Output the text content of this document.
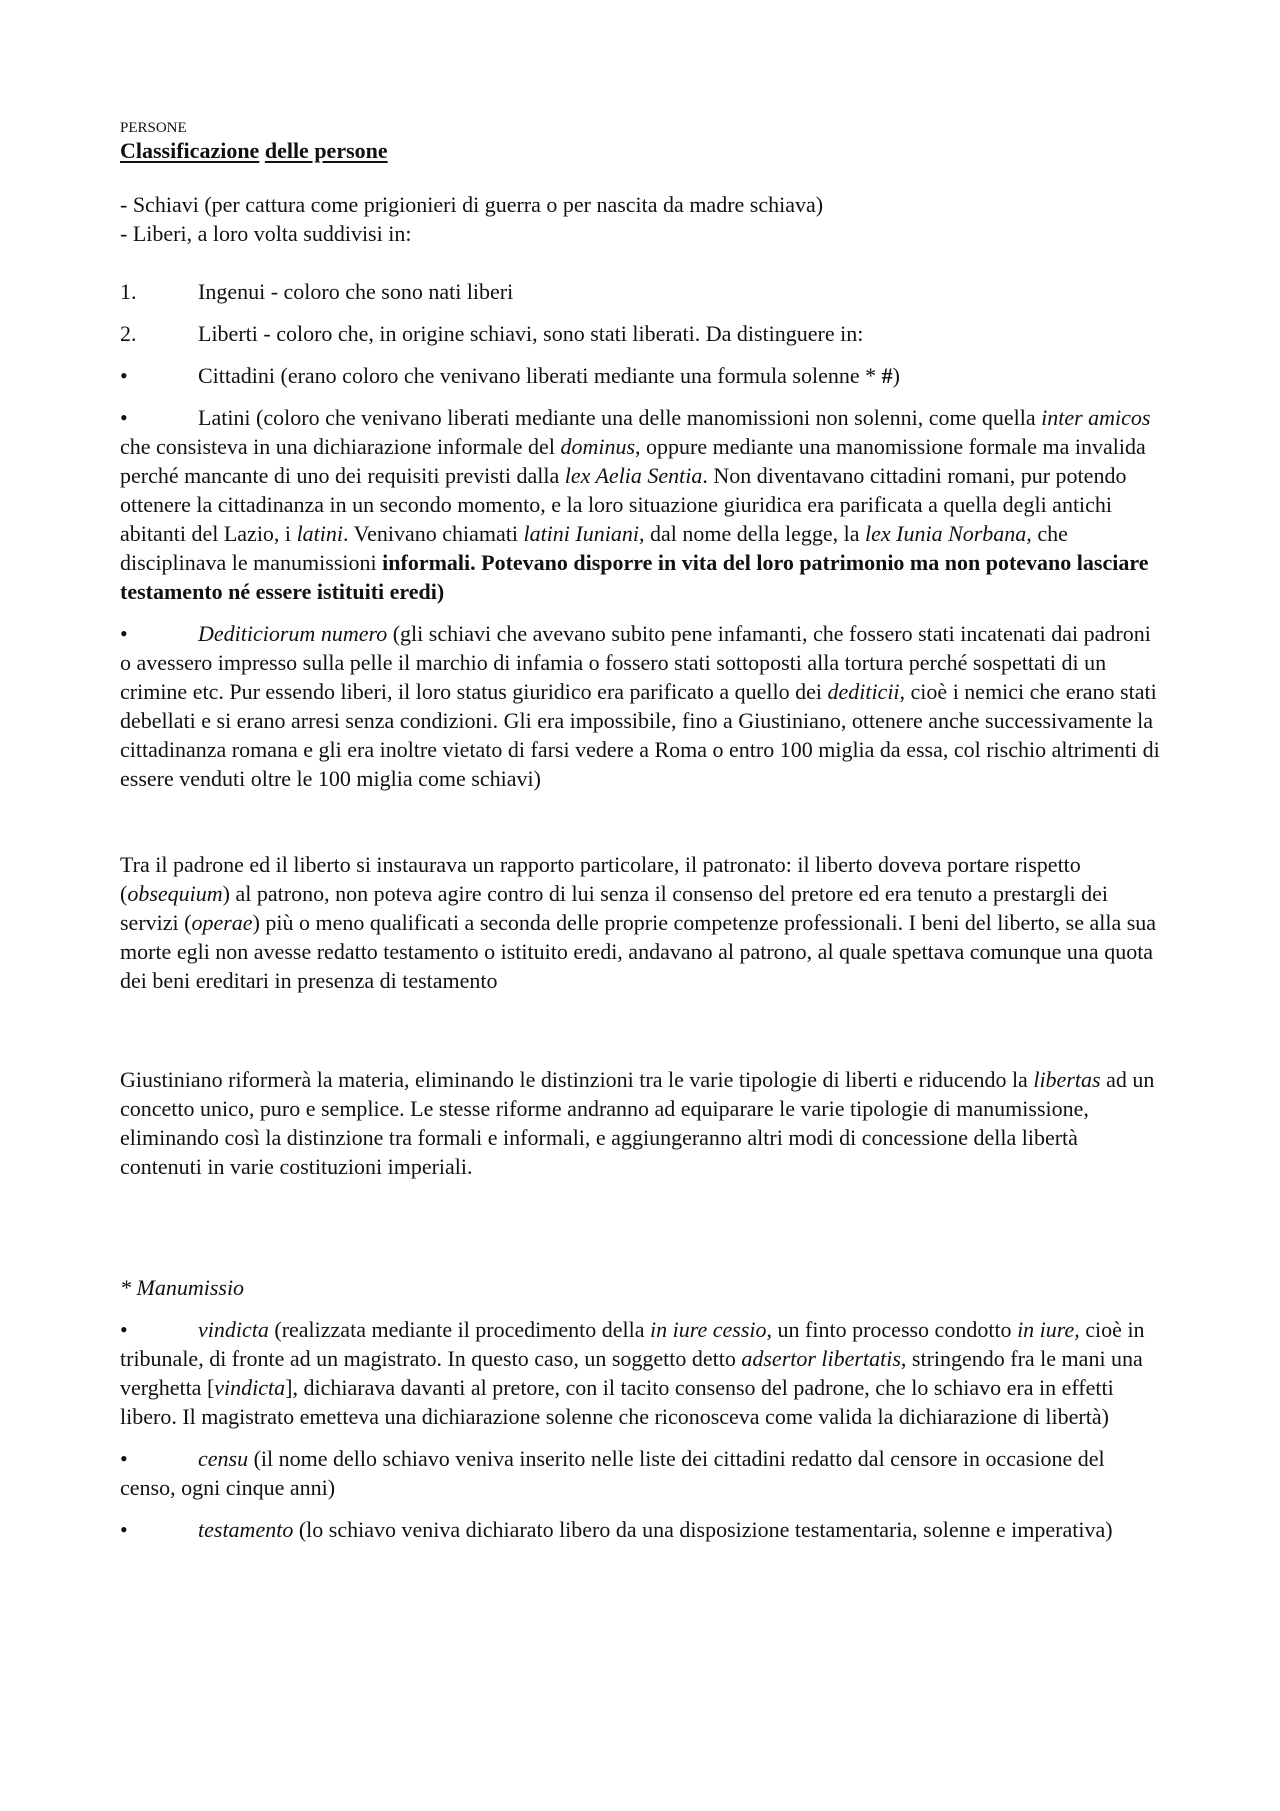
PERSONE

Classificazione delle persone

- Schiavi (per cattura come prigionieri di guerra o per nascita da madre schiava)

- Liberi, a loro volta suddivisi in:

1.	Ingenui - coloro che sono nati liberi
2.	Liberti - coloro che, in origine schiavi, sono stati liberati. Da distinguere in:
•	Cittadini (erano coloro che venivano liberati mediante una formula solenne * #)

•	Latini (coloro che venivano liberati mediante una delle manomissioni non solenni, come quella inter amicos che consisteva in una dichiarazione informale del dominus, oppure mediante una manomissione formale ma invalida perché mancante di uno dei requisiti previsti dalla lex Aelia Sentia. Non diventavano cittadini romani, pur potendo ottenere la cittadinanza in un secondo momento, e la loro situazione giuridica era parificata a quella degli antichi abitanti del Lazio, i latini. Venivano chiamati latini Iuniani, dal nome della legge, la lex Iunia Norbana, che disciplinava le manumissioni informali. Potevano disporre in vita del loro patrimonio ma non potevano lasciare testamento né essere istituiti eredi)

•	Dediticiorum numero (gli schiavi che avevano subito pene infamanti, che fossero stati incatenati dai padroni o avessero impresso sulla pelle il marchio di infamia o fossero stati sottoposti alla tortura perché sospettati di un crimine etc. Pur essendo liberi, il loro status giuridico era parificato a quello dei dediticii, cioè i nemici che erano stati debellati e si erano arresi senza condizioni. Gli era impossibile, fino a Giustiniano, ottenere anche successivamente la cittadinanza romana e gli era inoltre vietato di farsi vedere a Roma o entro 100 miglia da essa, col rischio altrimenti di essere venduti oltre le 100 miglia come schiavi)

Tra il padrone ed il liberto si instaurava un rapporto particolare, il patronato: il liberto doveva portare rispetto (obsequium) al patrono, non poteva agire contro di lui senza il consenso del pretore ed era tenuto a prestargli dei servizi (operae) più o meno qualificati a seconda delle proprie competenze professionali. I beni del liberto, se alla sua morte egli non avesse redatto testamento o istituito eredi, andavano al patrono, al quale spettava comunque una quota dei beni ereditari in presenza di testamento

Giustiniano riformerà la materia, eliminando le distinzioni tra le varie tipologie di liberti e riducendo la libertas ad un concetto unico, puro e semplice. Le stesse riforme andranno ad equiparare le varie tipologie di manumissione, eliminando così la distinzione tra formali e informali, e aggiungeranno altri modi di concessione della libertà contenuti in varie costituzioni imperiali.

* Manumissio

•	vindicta (realizzata mediante il procedimento della in iure cessio, un finto processo condotto in iure, cioè in tribunale, di fronte ad un magistrato. In questo caso, un soggetto detto adsertor libertatis, stringendo fra le mani una verghetta [vindicta], dichiarava davanti al pretore, con il tacito consenso del padrone, che lo schiavo era in effetti libero. Il magistrato emetteva una dichiarazione solenne che riconosceva come valida la dichiarazione di libertà)

•	censu (il nome dello schiavo veniva inserito nelle liste dei cittadini redatto dal censore in occasione del censo, ogni cinque anni)

•	testamento (lo schiavo veniva dichiarato libero da una disposizione testamentaria, solenne e imperativa)
